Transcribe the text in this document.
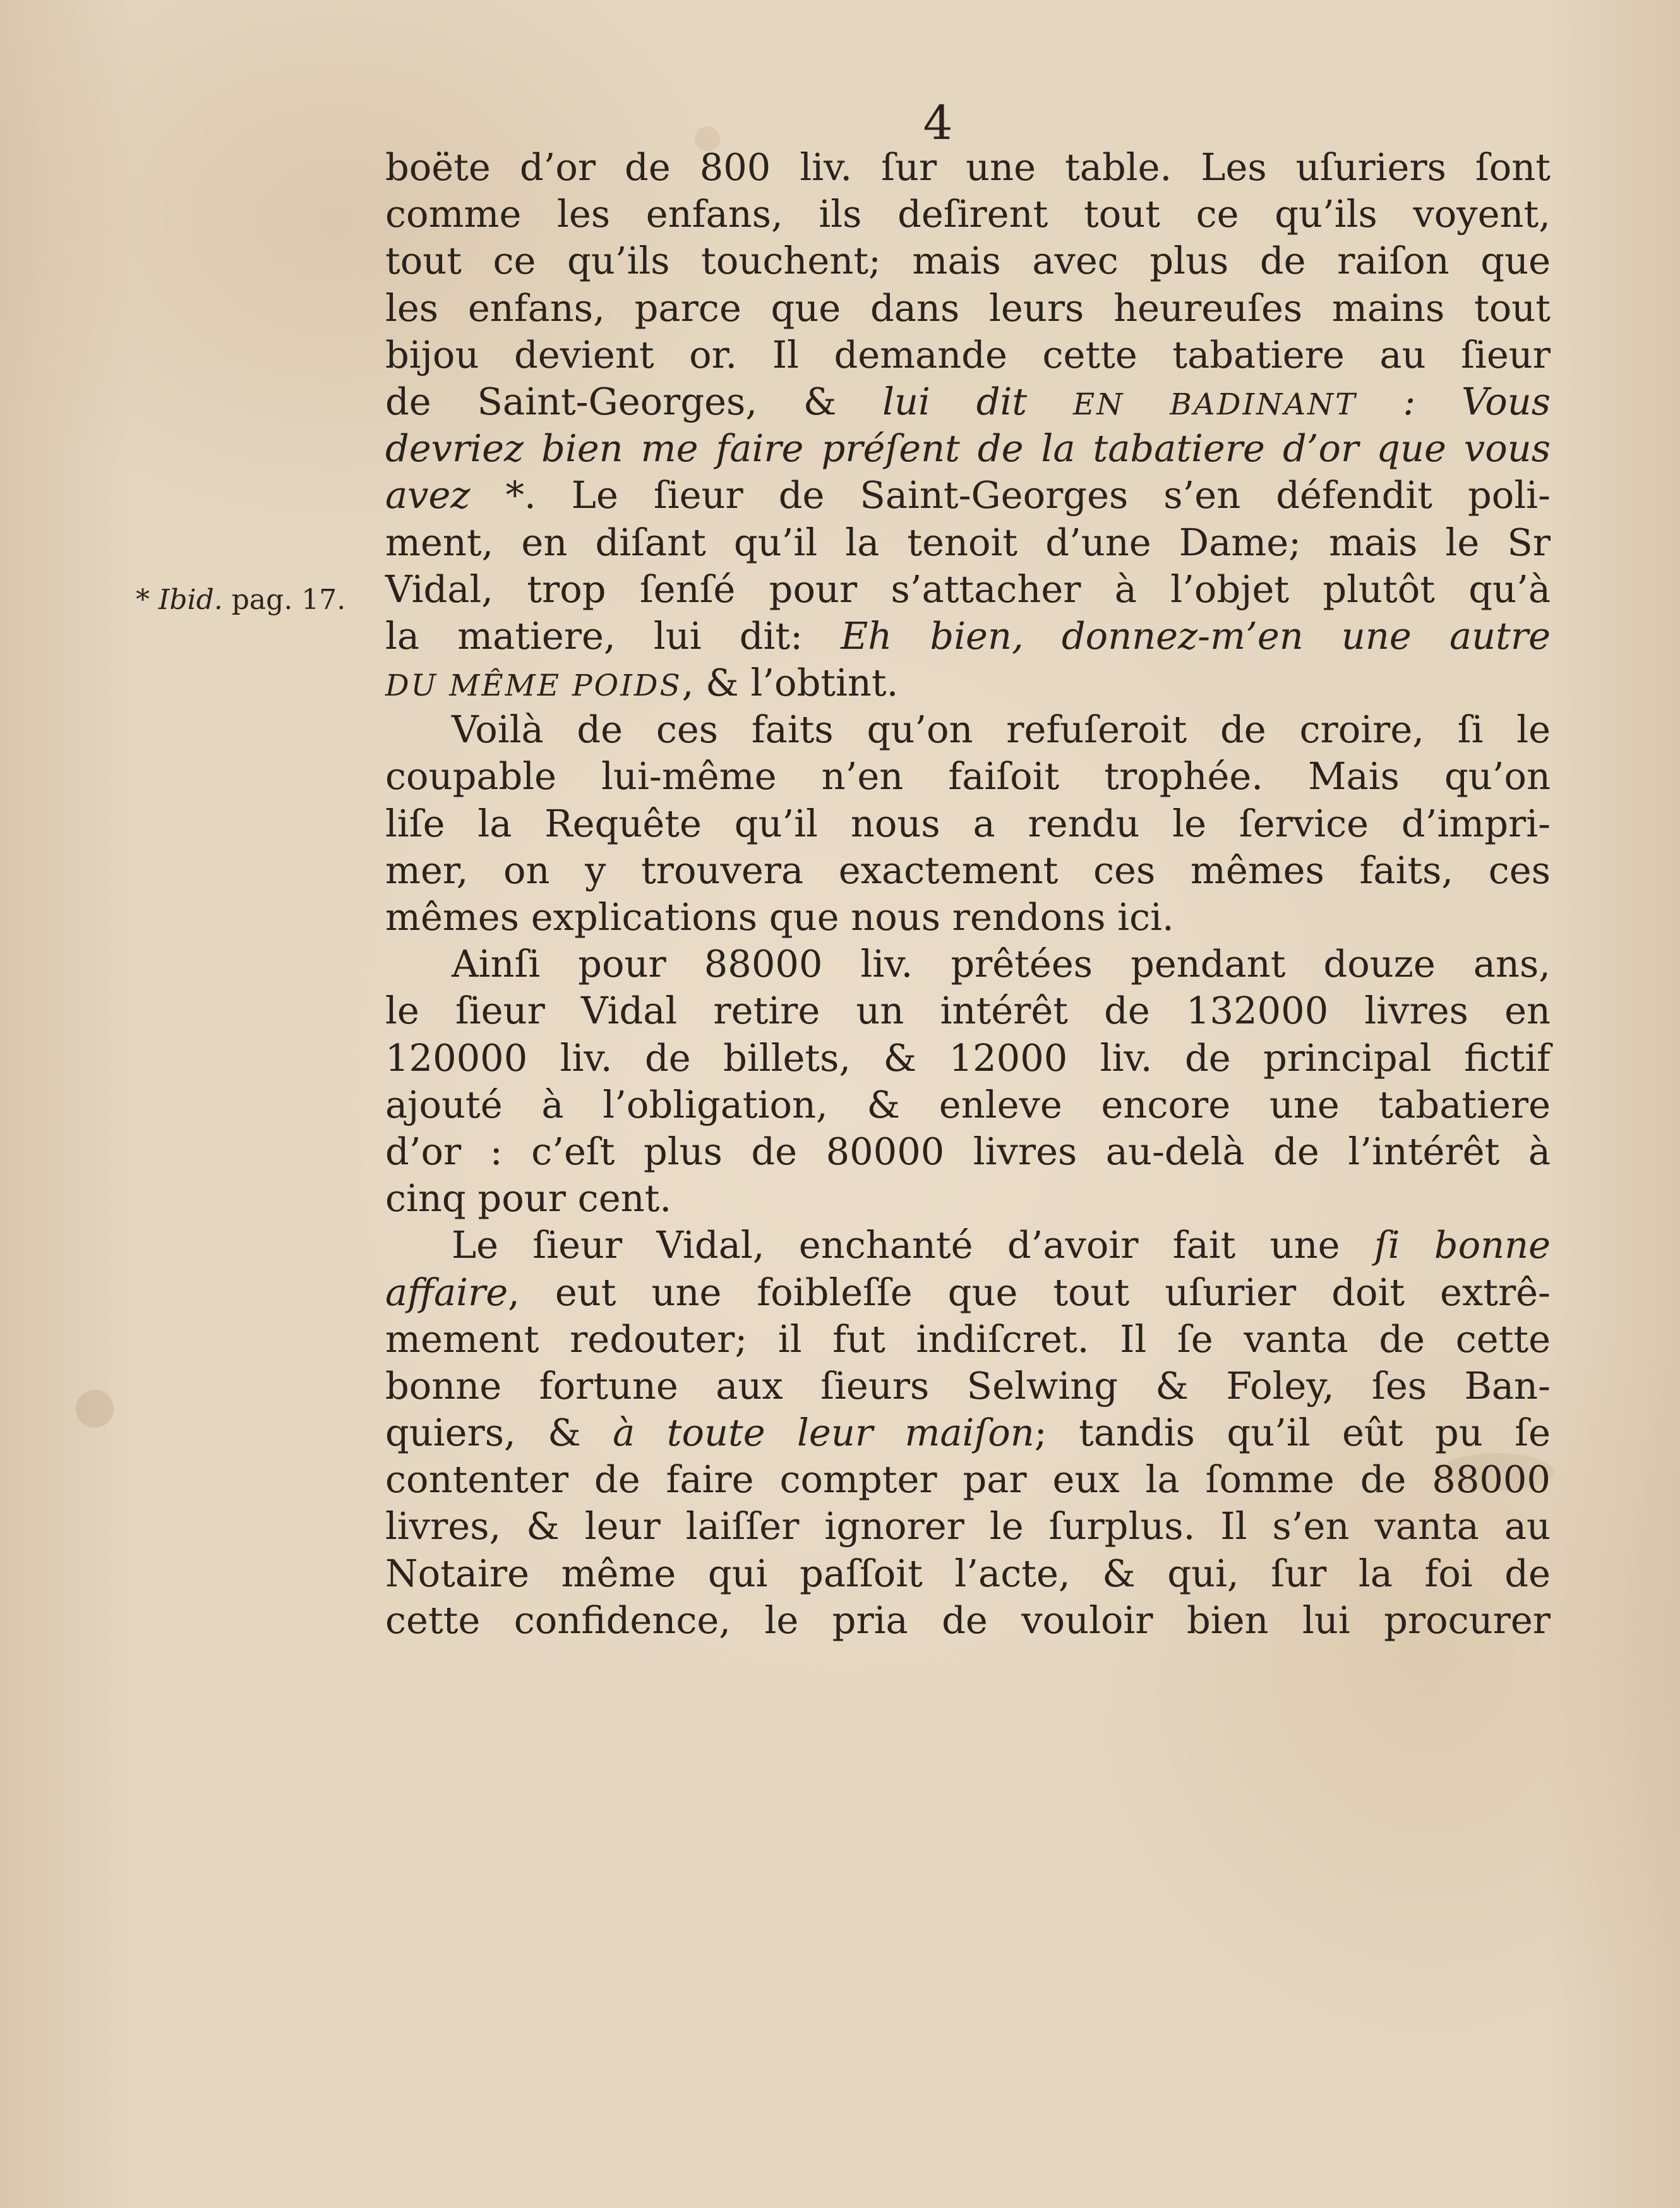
4
* Ibid. pag. 17.
boëte d’or de 800 liv. ſur une table. Les uſuriers ſont
comme les enfans, ils deſirent tout ce qu’ils voyent,
tout ce qu’ils touchent; mais avec plus de raiſon que
les enfans, parce que dans leurs heureuſes mains tout
bijou devient or. Il demande cette tabatiere au ſieur
de Saint-Georges, & lui dit EN BADINANT : Vous
devriez bien me faire préſent de la tabatiere d’or que vous
avez *. Le ſieur de Saint-Georges s’en défendit poli-
ment, en diſant qu’il la tenoit d’une Dame; mais le Sr
Vidal, trop ſenſé pour s’attacher à l’objet plutôt qu’à
la matiere, lui dit: Eh bien, donnez-m’en une autre
DU MÊME POIDS, & l’obtint.
Voilà de ces faits qu’on refuſeroit de croire, ſi le
coupable lui-même n’en faiſoit trophée. Mais qu’on
liſe la Requête qu’il nous a rendu le ſervice d’impri-
mer, on y trouvera exactement ces mêmes faits, ces
mêmes explications que nous rendons ici.
Ainſi pour 88000 liv. prêtées pendant douze ans,
le ſieur Vidal retire un intérêt de 132000 livres en
120000 liv. de billets, & 12000 liv. de principal fictif
ajouté à l’obligation, & enleve encore une tabatiere
d’or : c’eſt plus de 80000 livres au-delà de l’intérêt à
cinq pour cent.
Le ſieur Vidal, enchanté d’avoir fait une ſi bonne
affaire, eut une foibleſſe que tout uſurier doit extrê-
mement redouter; il fut indiſcret. Il ſe vanta de cette
bonne fortune aux ſieurs Selwing & Foley, ſes Ban-
quiers, & à toute leur maiſon; tandis qu’il eût pu ſe
contenter de faire compter par eux la ſomme de 88000
livres, & leur laiſſer ignorer le ſurplus. Il s’en vanta au
Notaire même qui paſſoit l’acte, & qui, ſur la foi de
cette confidence, le pria de vouloir bien lui procurer
